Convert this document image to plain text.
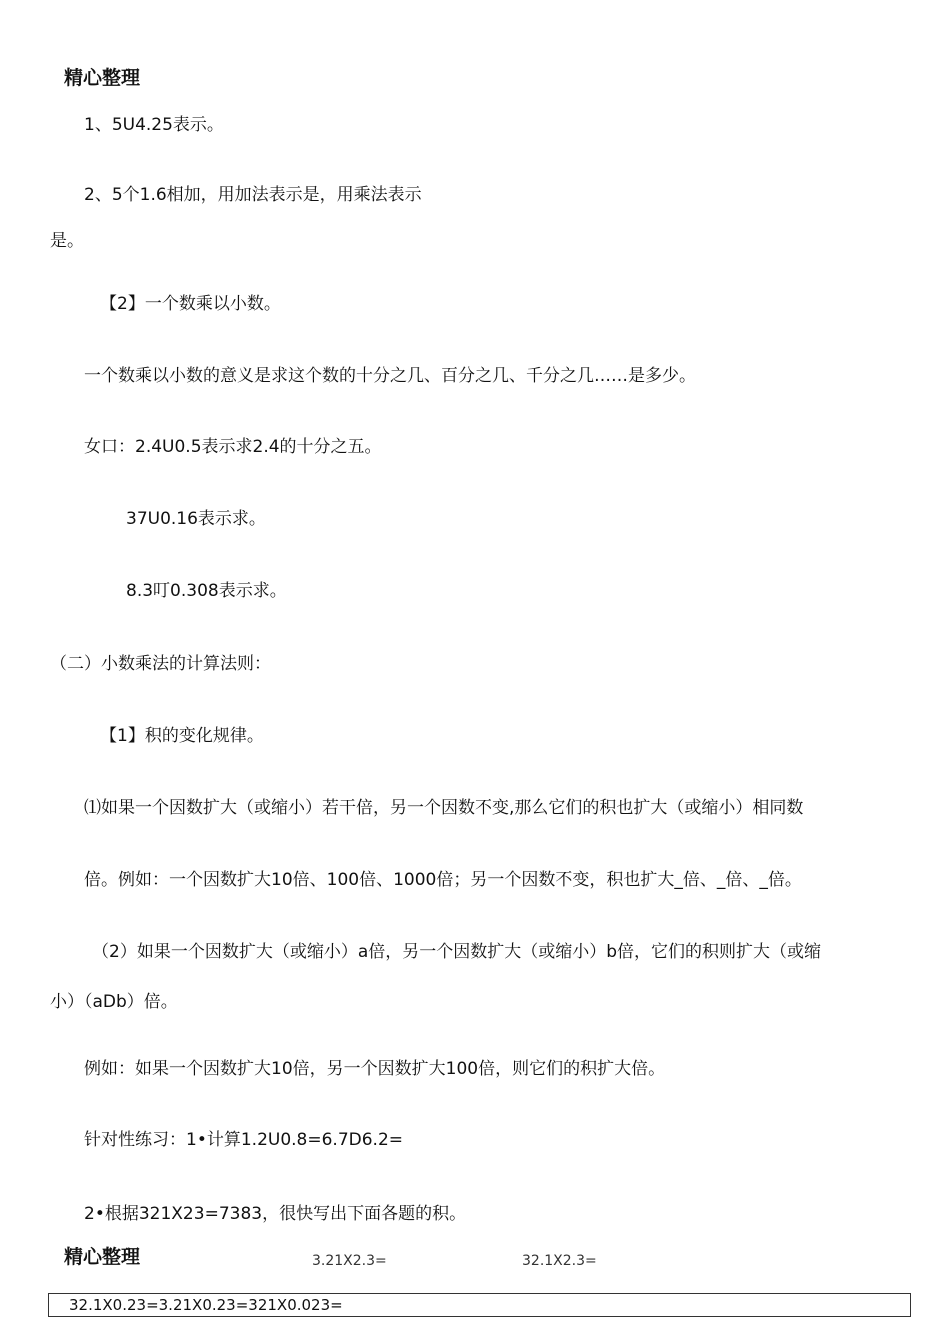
精心整理
1、5U4.25表示。
2、5个1.6相加，用加法表示是，用乘法表示
是。
【2】一个数乘以小数。
一个数乘以小数的意义是求这个数的十分之几、百分之几、千分之几……是多少。
女口：2.4U0.5表示求2.4的十分之五。
37U0.16表示求。
8.3叮0.308表示求。
（二）小数乘法的计算法则：
【1】积的变化规律。
⑴如果一个因数扩大（或缩小）若干倍，另一个因数不变,那么它们的积也扩大（或缩小）相同数
倍。例如：一个因数扩大10倍、100倍、1000倍；另一个因数不变，积也扩大_倍、_倍、_倍。
（2）如果一个因数扩大（或缩小）a倍，另一个因数扩大（或缩小）b倍，它们的积则扩大（或缩
小）（aDb）倍。
例如：如果一个因数扩大10倍，另一个因数扩大100倍，则它们的积扩大倍。
针对性练习：1•计算1.2U0.8=6.7D6.2=
2•根据321X23=7383，很快写出下面各题的积。
精心整理	3.21X2.3=	32.1X2.3=
32.1X0.23=3.21X0.23=321X0.023=
